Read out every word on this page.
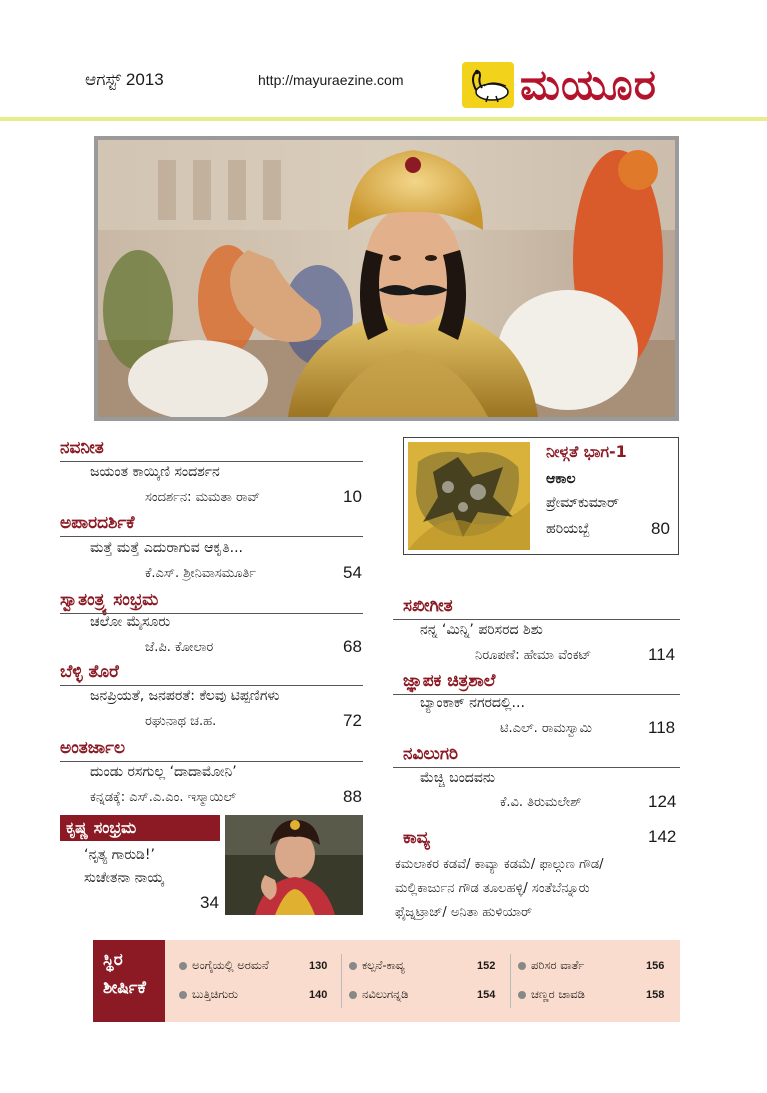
ಆಗಸ್ಟ್ 2013	http://mayuraezine.com	ಮಯೂರ
ನವನೀತ
ಜಯಂತ ಕಾಯ್ಕಿಣಿ ಸಂದರ್ಶನ
ಸಂದರ್ಶನ: ಮಮತಾ ರಾವ್	10
ಅಪಾರದರ್ಶಿಕೆ
ಮತ್ತೆ ಮತ್ತೆ ಎದುರಾಗುವ ಆಕೃತಿ...
ಕೆ.ಎಸ್. ಶ್ರೀನಿವಾಸಮೂರ್ತಿ	54
ಸ್ವಾತಂತ್ರ್ಯ ಸಂಭ್ರಮ
ಚಲೋ ಮೈಸೂರು
ಜೆ.ಪಿ. ಕೋಲಾರ	68
ಬೆಳ್ಳಿ ತೊರೆ
ಜನಪ್ರಿಯತೆ, ಜನಪರತೆ: ಕೆಲವು ಟಿಪ್ಪಣಿಗಳು
ರಘುನಾಥ ಚ.ಹ.	72
ಅಂತರ್ಜಾಲ
ದುಂಡು ರಸಗುಲ್ಲ ‘ದಾದಾಮೋನಿ’
ಕನ್ನಡಕ್ಕೆ: ಎಸ್.ಎ.ಎಂ. ಇಸ್ಮಾಯಿಲ್	88
ಕೃಷ್ಣ ಸಂಭ್ರಮ
‘ನೃತ್ಯ ಗಾರುಡಿ!’
ಸುಚೇತನಾ ನಾಯ್ಕ
34
ನೀಳ್ಗತೆ ಭಾಗ-1
ಆಕಾಲ
ಪ್ರೇಮ್‌ಕುಮಾರ್
ಹರಿಯಬ್ಬೆ	80
ಸಖೀಗೀತ
ನನ್ನ ‘ಮಿನ್ನಿ’ ಪರಿಸರದ ಶಿಶು
ನಿರೂಪಣೆ: ಹೇಮಾ ವೆಂಕಟ್	114
ಜ್ಞಾಪಕ ಚಿತ್ರಶಾಲೆ
ಬ್ಯಾಂಕಾಕ್ ನಗರದಲ್ಲಿ...
ಟಿ.ಎಲ್. ರಾಮಸ್ವಾಮಿ	118
ನವಿಲುಗರಿ
ಮೆಚ್ಚಿ ಬಂದವನು
ಕೆ.ವಿ. ತಿರುಮಲೇಶ್	124
ಕಾವ್ಯ	142
ಕಮಲಾಕರ ಕಡವೆ/ ಕಾವ್ಯಾ ಕಡಮೆ/ ಫಾಲ್ಗುಣ ಗೌಡ/
ಮಲ್ಲಿಕಾರ್ಜುನ ಗೌಡ ತೂಲಹಳ್ಳಿ/ ಸಂತೆಬೆನ್ನೂರು
ಫೈಜ್ನಟ್ರಾಜ್/ ಅನಿತಾ ಹುಳಿಯಾರ್
ಸ್ಥಿರ
ಶೀರ್ಷಿಕೆ
ಅಂಗೈಯಲ್ಲಿ ಅರಮನೆ	130
ಬುತ್ತಿಚಿಗುರು	140
ಕಲ್ಪನೆ-ಕಾವ್ಯ	152
ನವಿಲುಗನ್ನಡಿ	154
ಪರಿಸರ ವಾರ್ತೆ	156
ಚಣ್ಣರ ಚಾವಡಿ	158
